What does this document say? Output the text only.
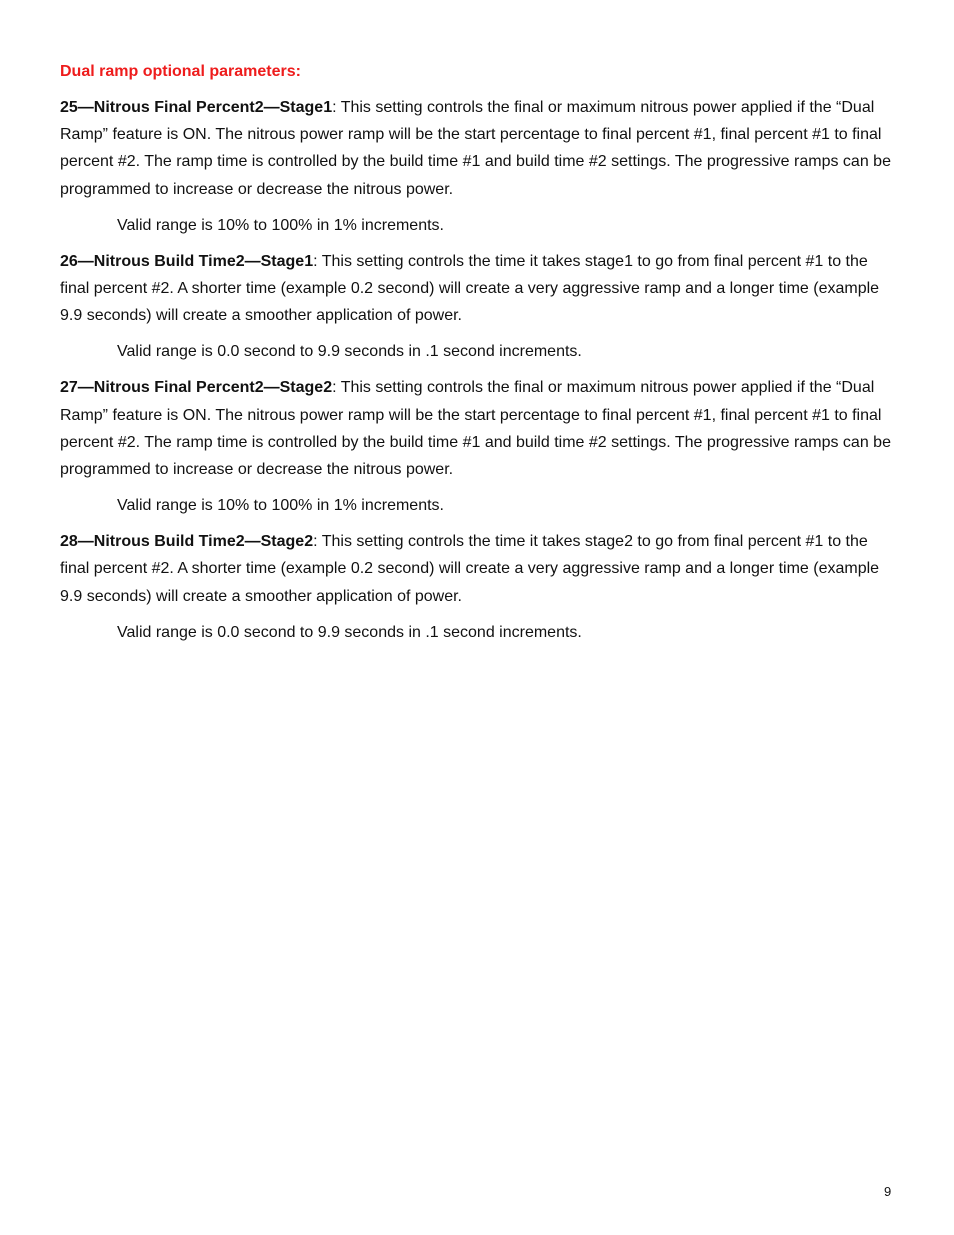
Dual ramp optional parameters:

25—Nitrous Final Percent2—Stage1: This setting controls the final or maximum nitrous power applied if the “Dual Ramp” feature is ON. The nitrous power ramp will be the start percentage to final percent #1, final percent #1 to final percent #2. The ramp time is controlled by the build time #1 and build time #2 settings. The progressive ramps can be programmed to increase or decrease the nitrous power.

Valid range is 10% to 100% in 1% increments.

26—Nitrous Build Time2—Stage1: This setting controls the time it takes stage1 to go from final percent #1 to the final percent #2. A shorter time (example 0.2 second) will create a very aggressive ramp and a longer time (example 9.9 seconds) will create a smoother application of power.

Valid range is 0.0 second to 9.9 seconds in .1 second increments.

27—Nitrous Final Percent2—Stage2: This setting controls the final or maximum nitrous power applied if the “Dual Ramp” feature is ON. The nitrous power ramp will be the start percentage to final percent #1, final percent #1 to final percent #2. The ramp time is controlled by the build time #1 and build time #2 settings. The progressive ramps can be programmed to increase or decrease the nitrous power.

Valid range is 10% to 100% in 1% increments.

28—Nitrous Build Time2—Stage2: This setting controls the time it takes stage2 to go from final percent #1 to the final percent #2. A shorter time (example 0.2 second) will create a very aggressive ramp and a longer time (example 9.9 seconds) will create a smoother application of power.

Valid range is 0.0 second to 9.9 seconds in .1 second increments.

9
